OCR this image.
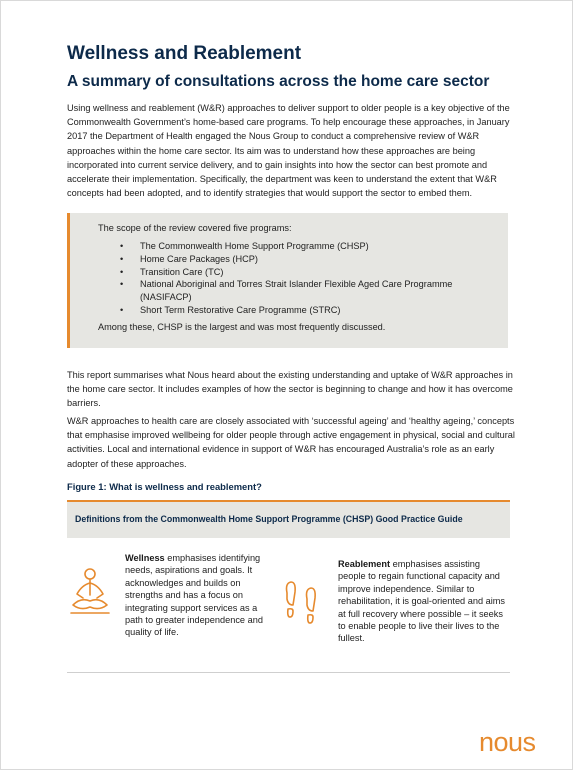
Wellness and Reablement
A summary of consultations across the home care sector

Using wellness and reablement (W&R) approaches to deliver support to older people is a key objective of the Commonwealth Government’s home-based care programs. To help encourage these approaches, in January 2017 the Department of Health engaged the Nous Group to conduct a comprehensive review of W&R approaches within the home care sector. Its aim was to understand how these approaches are being incorporated into current service delivery, and to gain insights into how the sector can best promote and accelerate their implementation. Specifically, the department was keen to understand the extent that W&R concepts had been adopted, and to identify strategies that would support the sector to embed them.

The scope of the review covered five programs:

• The Commonwealth Home Support Programme (CHSP)
• Home Care Packages (HCP)
• Transition Care (TC)
• National Aboriginal and Torres Strait Islander Flexible Aged Care Programme (NASIFACP)
• Short Term Restorative Care Programme (STRC)

Among these, CHSP is the largest and was most frequently discussed.

This report summarises what Nous heard about the existing understanding and uptake of W&R approaches in the home care sector. It includes examples of how the sector is beginning to change and how it has overcome barriers.

W&R approaches to health care are closely associated with ‘successful ageing’ and ‘healthy ageing,’ concepts that emphasise improved wellbeing for older people through active engagement in physical, social and cultural activities. Local and international evidence in support of W&R has encouraged Australia’s role as an early adopter of these approaches.

Figure 1: What is wellness and reablement?

Definitions from the Commonwealth Home Support Programme (CHSP) Good Practice Guide

Wellness emphasises identifying needs, aspirations and goals. It acknowledges and builds on strengths and has a focus on integrating support services as a path to greater independence and quality of life.

Reablement emphasises assisting people to regain functional capacity and improve independence. Similar to rehabilitation, it is goal-oriented and aims at full recovery where possible – it seeks to enable people to live their lives to the fullest.

nous
